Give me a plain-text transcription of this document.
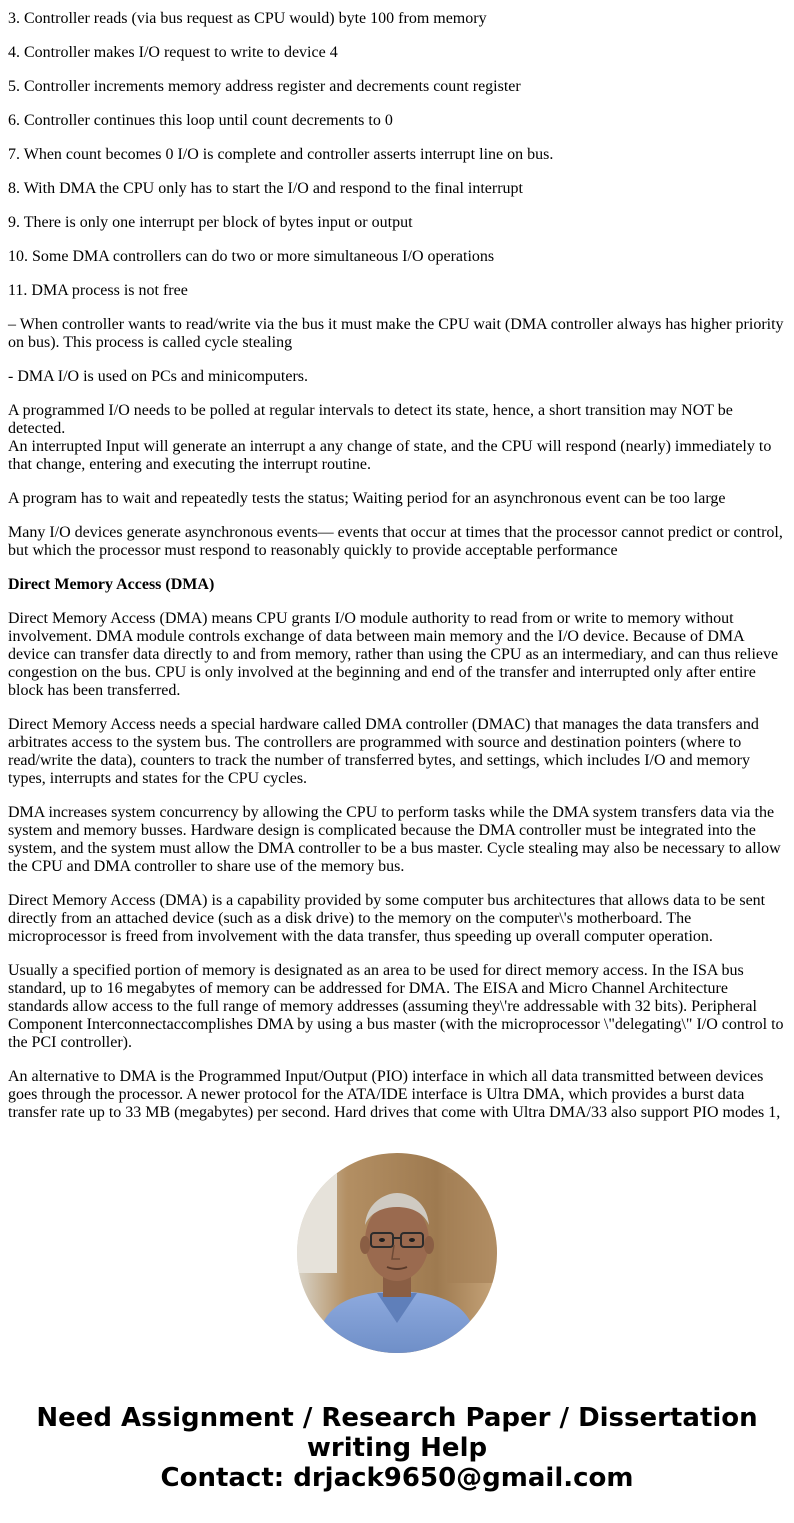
3. Controller reads (via bus request as CPU would) byte 100 from memory

4. Controller makes I/O request to write to device 4

5. Controller increments memory address register and decrements count register

6. Controller continues this loop until count decrements to 0

7. When count becomes 0 I/O is complete and controller asserts interrupt line on bus.

8. With DMA the CPU only has to start the I/O and respond to the final interrupt

9. There is only one interrupt per block of bytes input or output

10. Some DMA controllers can do two or more simultaneous I/O operations

11. DMA process is not free

– When controller wants to read/write via the bus it must make the CPU wait (DMA controller always has higher priority on bus). This process is called cycle stealing

- DMA I/O is used on PCs and minicomputers.

A programmed I/O needs to be polled at regular intervals to detect its state, hence, a short transition may NOT be detected.
An interrupted Input will generate an interrupt a any change of state, and the CPU will respond (nearly) immediately to that change, entering and executing the interrupt routine.

A program has to wait and repeatedly tests the status; Waiting period for an asynchronous event can be too large

Many I/O devices generate asynchronous events— events that occur at times that the processor cannot predict or control, but which the processor must respond to reasonably quickly to provide acceptable performance

Direct Memory Access (DMA)

Direct Memory Access (DMA) means CPU grants I/O module authority to read from or write to memory without involvement. DMA module controls exchange of data between main memory and the I/O device. Because of DMA device can transfer data directly to and from memory, rather than using the CPU as an intermediary, and can thus relieve congestion on the bus. CPU is only involved at the beginning and end of the transfer and interrupted only after entire block has been transferred.

Direct Memory Access needs a special hardware called DMA controller (DMAC) that manages the data transfers and arbitrates access to the system bus. The controllers are programmed with source and destination pointers (where to read/write the data), counters to track the number of transferred bytes, and settings, which includes I/O and memory types, interrupts and states for the CPU cycles.

DMA increases system concurrency by allowing the CPU to perform tasks while the DMA system transfers data via the system and memory busses. Hardware design is complicated because the DMA controller must be integrated into the system, and the system must allow the DMA controller to be a bus master. Cycle stealing may also be necessary to allow the CPU and DMA controller to share use of the memory bus.

Direct Memory Access (DMA) is a capability provided by some computer bus architectures that allows data to be sent directly from an attached device (such as a disk drive) to the memory on the computer\'s motherboard. The microprocessor is freed from involvement with the data transfer, thus speeding up overall computer operation.

Usually a specified portion of memory is designated as an area to be used for direct memory access. In the ISA bus standard, up to 16 megabytes of memory can be addressed for DMA. The EISA and Micro Channel Architecture standards allow access to the full range of memory addresses (assuming they\'re addressable with 32 bits). Peripheral Component Interconnectaccomplishes DMA by using a bus master (with the microprocessor \"delegating\" I/O control to the PCI controller).

An alternative to DMA is the Programmed Input/Output (PIO) interface in which all data transmitted between devices goes through the processor. A newer protocol for the ATA/IDE interface is Ultra DMA, which provides a burst data transfer rate up to 33 MB (megabytes) per second. Hard drives that come with Ultra DMA/33 also support PIO modes 1,

Need Assignment / Research Paper / Dissertation writing Help
Contact: drjack9650@gmail.com
